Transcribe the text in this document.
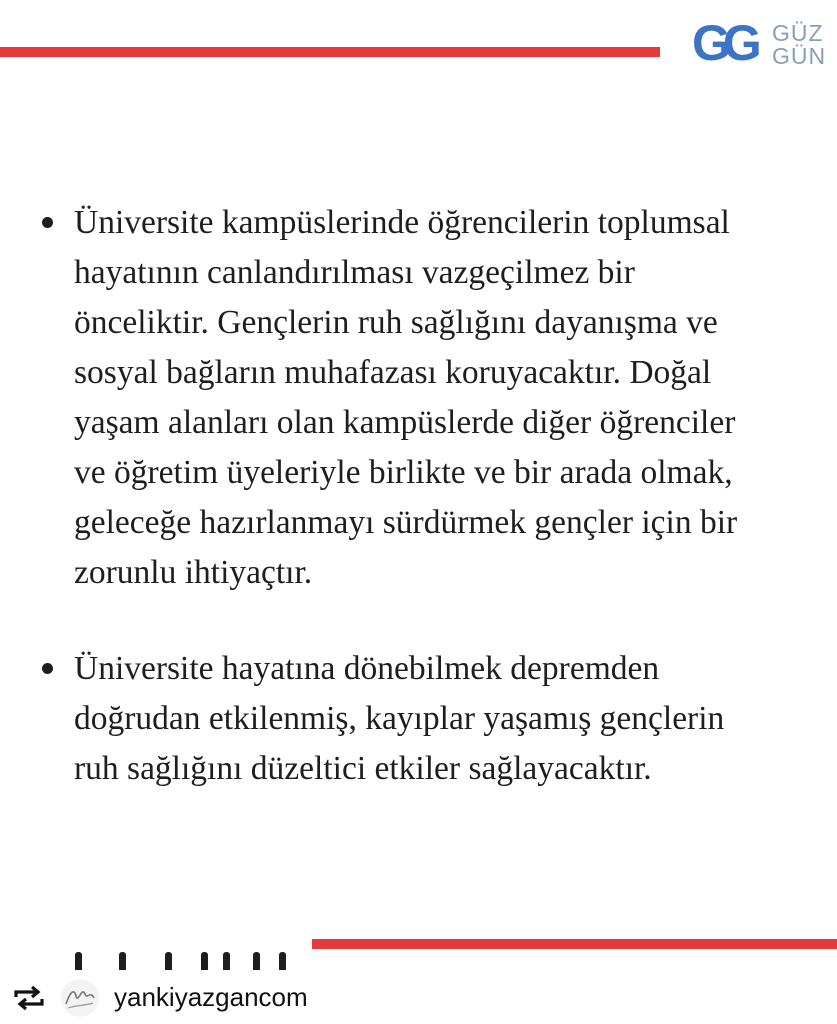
GG GÜZ
GÜN
Üniversite kampüslerinde öğrencilerin toplumsal
hayatının canlandırılması vazgeçilmez bir
önceliktir. Gençlerin ruh sağlığını dayanışma ve
sosyal bağların muhafazası koruyacaktır. Doğal
yaşam alanları olan kampüslerde diğer öğrenciler
ve öğretim üyeleriyle birlikte ve bir arada olmak,
geleceğe hazırlanmayı sürdürmek gençler için bir
zorunlu ihtiyaçtır.
Üniversite hayatına dönebilmek depremden
doğrudan etkilenmiş, kayıplar yaşamış gençlerin
ruh sağlığını düzeltici etkiler sağlayacaktır.
yankiyazgancom
